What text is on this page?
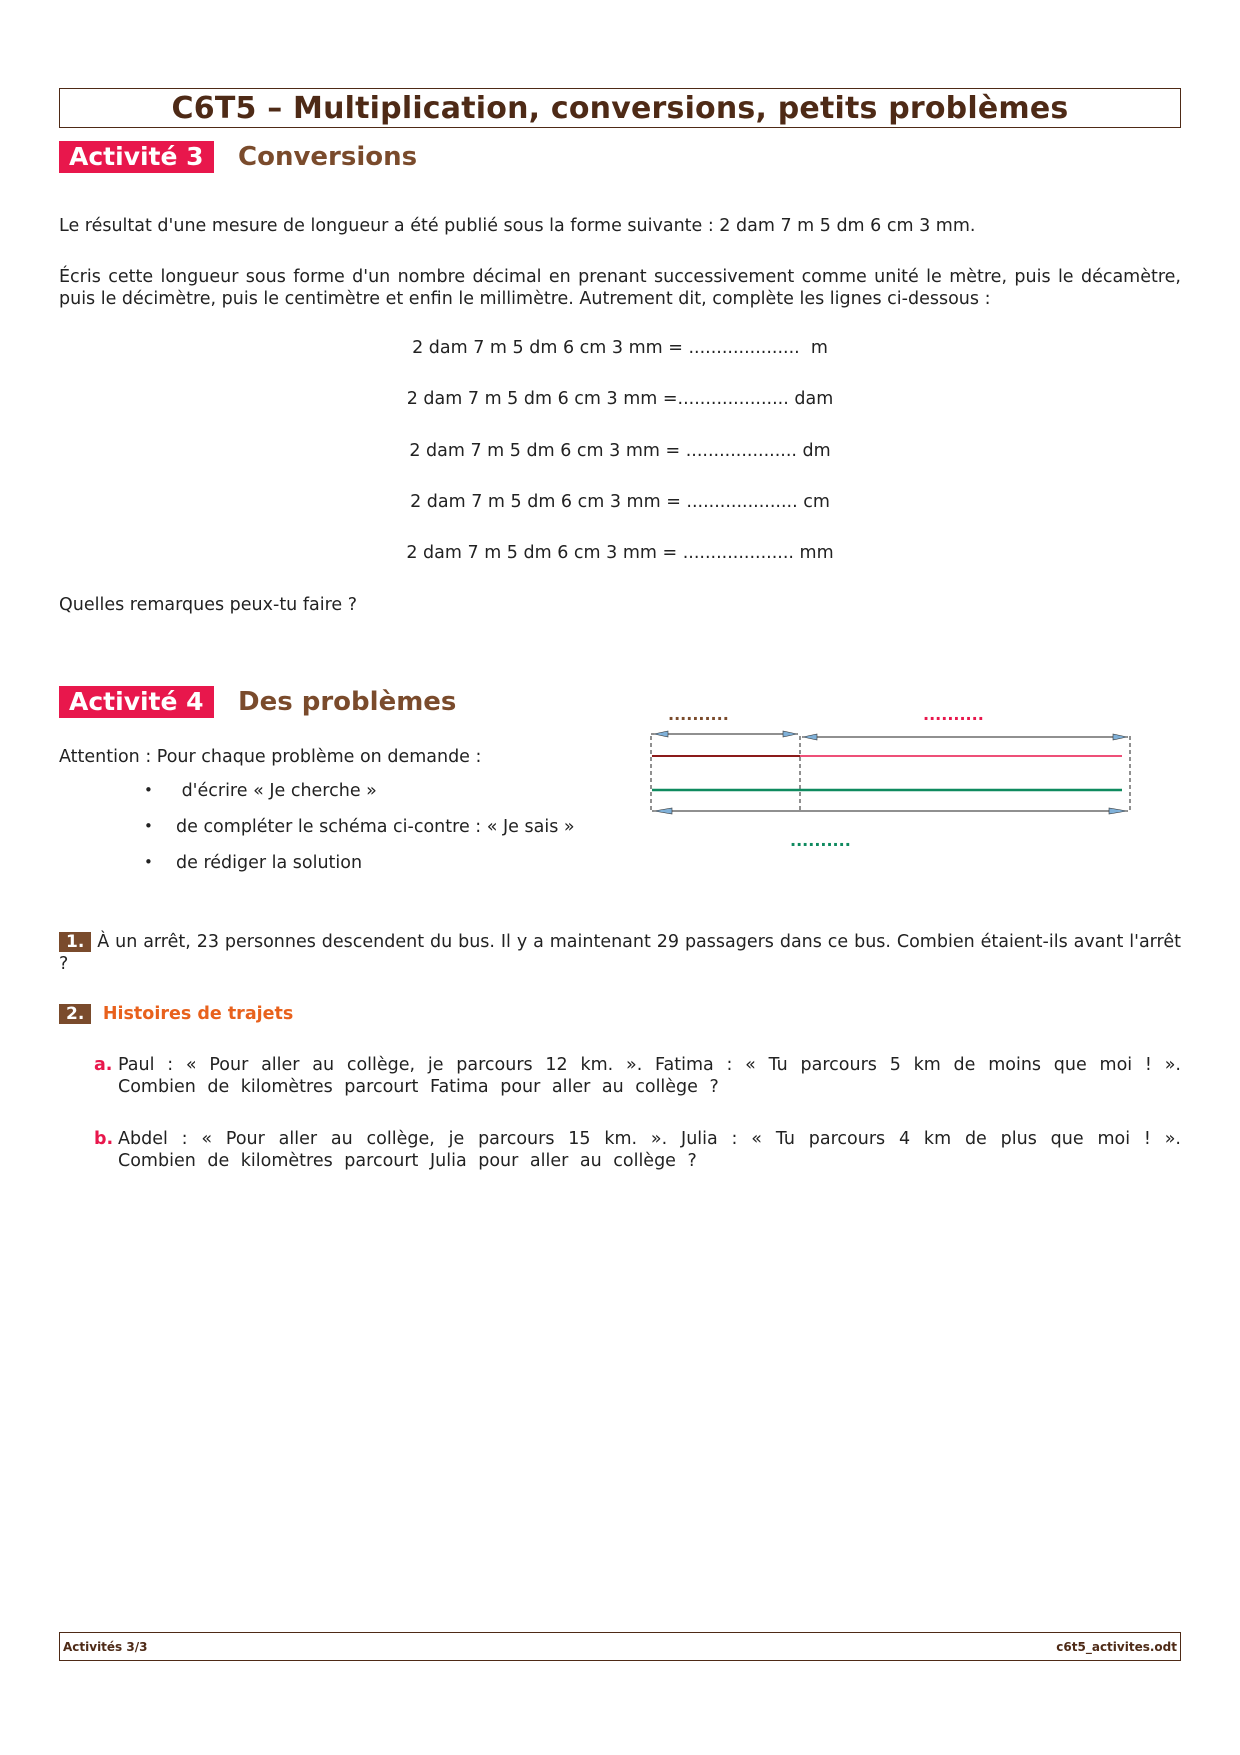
C6T5 – Multiplication, conversions, petits problèmes
Activité 3	Conversions
Le résultat d'une mesure de longueur a été publié sous la forme suivante : 2 dam 7 m 5 dm 6 cm 3 mm.
Écris cette longueur sous forme d'un nombre décimal en prenant successivement comme unité le mètre, puis le décamètre, puis le décimètre, puis le centimètre et enfin le millimètre. Autrement dit, complète les lignes ci-dessous :
2 dam 7 m 5 dm 6 cm 3 mm = ....................  m
2 dam 7 m 5 dm 6 cm 3 mm =.................... dam
2 dam 7 m 5 dm 6 cm 3 mm = .................... dm
2 dam 7 m 5 dm 6 cm 3 mm = .................... cm
2 dam 7 m 5 dm 6 cm 3 mm = .................... mm
Quelles remarques peux-tu faire ?
Activité 4	Des problèmes
Attention : Pour chaque problème on demande :
• d'écrire « Je cherche »
• de compléter le schéma ci-contre : « Je sais »
• de rédiger la solution
..........	..........
..........
1. À un arrêt, 23 personnes descendent du bus. Il y a maintenant 29 passagers dans ce bus. Combien étaient-ils avant l'arrêt ?
2. Histoires de trajets
a. Paul : « Pour aller au collège, je parcours 12 km. ». Fatima : « Tu parcours 5 km de moins que moi ! ». Combien de kilomètres parcourt Fatima pour aller au collège ?
b. Abdel : « Pour aller au collège, je parcours 15 km. ». Julia : « Tu parcours 4 km de plus que moi ! ». Combien de kilomètres parcourt Julia pour aller au collège ?
Activités 3/3	c6t5_activites.odt
